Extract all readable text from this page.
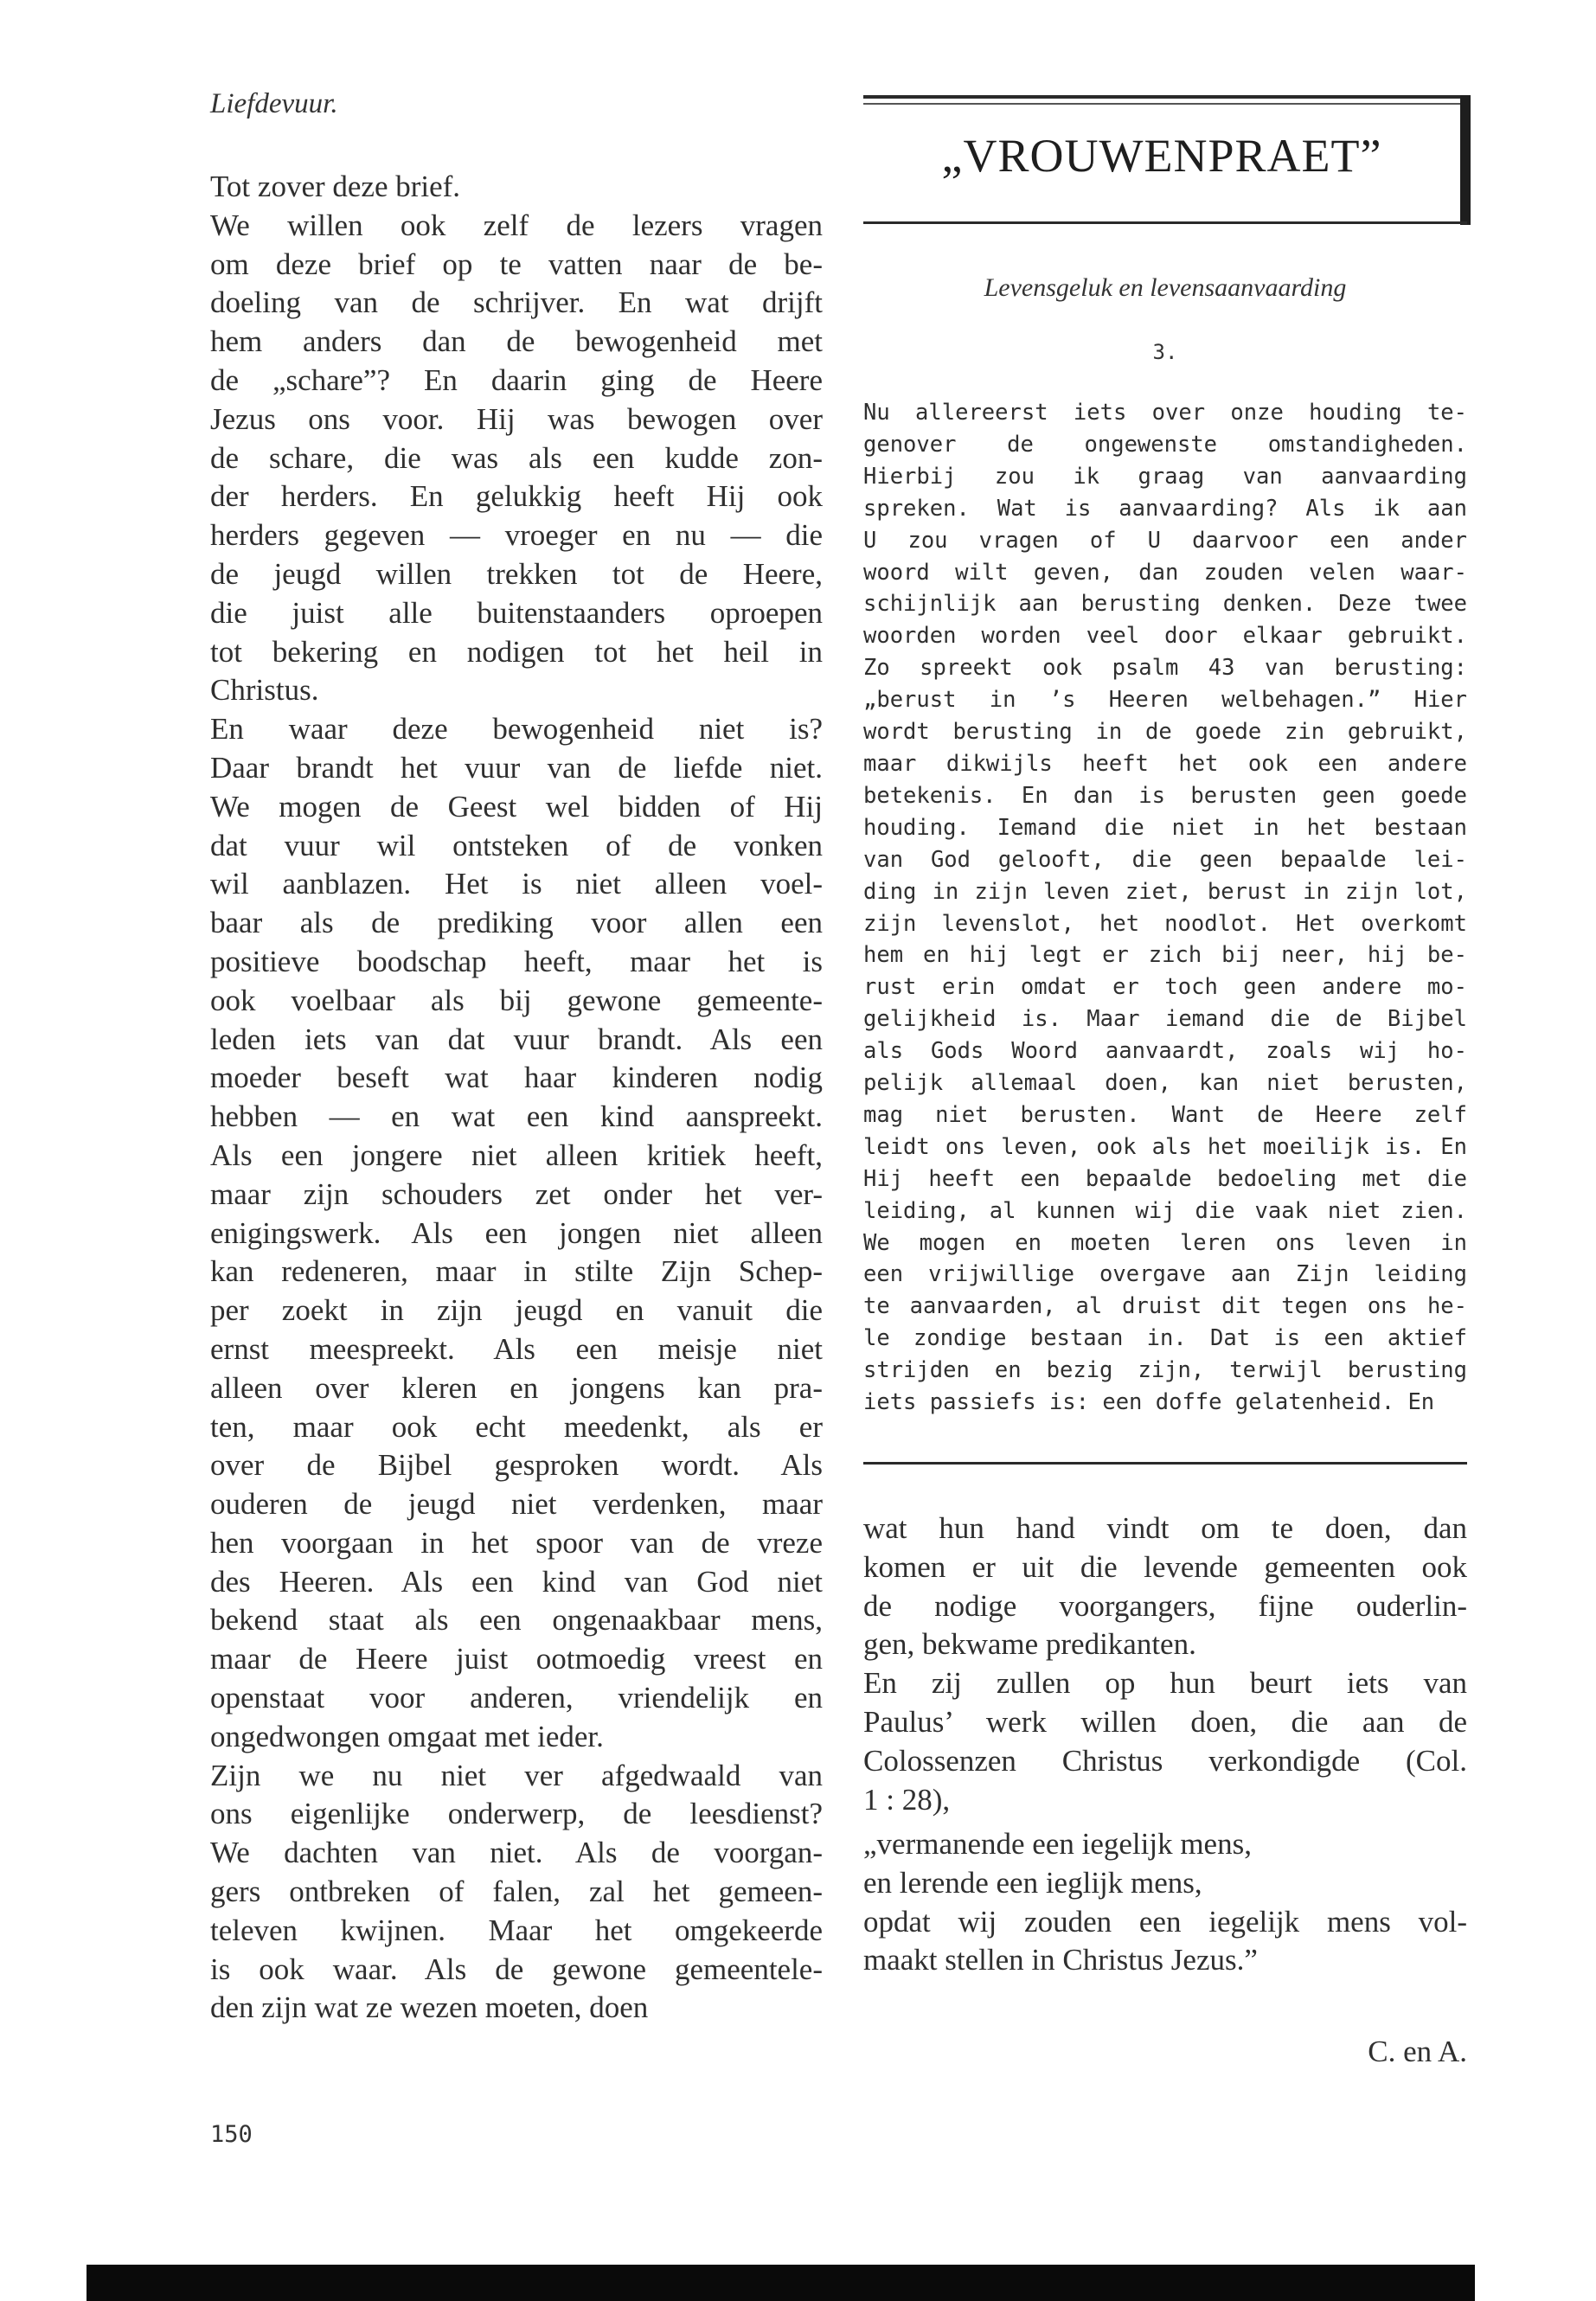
Liefdevuur.
Tot zover deze brief.
We willen ook zelf de lezers vragen
om deze brief op te vatten naar de be-
doeling van de schrijver. En wat drijft
hem anders dan de bewogenheid met
de „schare”? En daarin ging de Heere
Jezus ons voor. Hij was bewogen over
de schare, die was als een kudde zon-
der herders. En gelukkig heeft Hij ook
herders gegeven — vroeger en nu — die
de jeugd willen trekken tot de Heere,
die juist alle buitenstaanders oproepen
tot bekering en nodigen tot het heil in
Christus.
En waar deze bewogenheid niet is?
Daar brandt het vuur van de liefde niet.
We mogen de Geest wel bidden of Hij
dat vuur wil ontsteken of de vonken
wil aanblazen. Het is niet alleen voel-
baar als de prediking voor allen een
positieve boodschap heeft, maar het is
ook voelbaar als bij gewone gemeente-
leden iets van dat vuur brandt. Als een
moeder beseft wat haar kinderen nodig
hebben — en wat een kind aanspreekt.
Als een jongere niet alleen kritiek heeft,
maar zijn schouders zet onder het ver-
enigingswerk. Als een jongen niet alleen
kan redeneren, maar in stilte Zijn Schep-
per zoekt in zijn jeugd en vanuit die
ernst meespreekt. Als een meisje niet
alleen over kleren en jongens kan pra-
ten, maar ook echt meedenkt, als er
over de Bijbel gesproken wordt. Als
ouderen de jeugd niet verdenken, maar
hen voorgaan in het spoor van de vreze
des Heeren. Als een kind van God niet
bekend staat als een ongenaakbaar mens,
maar de Heere juist ootmoedig vreest en
openstaat voor anderen, vriendelijk en
ongedwongen omgaat met ieder.
Zijn we nu niet ver afgedwaald van
ons eigenlijke onderwerp, de leesdienst?
We dachten van niet. Als de voorgan-
gers ontbreken of falen, zal het gemeen-
televen kwijnen. Maar het omgekeerde
is ook waar. Als de gewone gemeentele-
den zijn wat ze wezen moeten, doen
„VROUWENPRAET”
Levensgeluk en levensaanvaarding
3.
Nu allereerst iets over onze houding te-
genover de ongewenste omstandigheden.
Hierbij zou ik graag van aanvaarding
spreken. Wat is aanvaarding? Als ik aan
U zou vragen of U daarvoor een ander
woord wilt geven, dan zouden velen waar-
schijnlijk aan berusting denken. Deze twee
woorden worden veel door elkaar gebruikt.
Zo spreekt ook psalm 43 van berusting:
„berust in ’s Heeren welbehagen.” Hier
wordt berusting in de goede zin gebruikt,
maar dikwijls heeft het ook een andere
betekenis. En dan is berusten geen goede
houding. Iemand die niet in het bestaan
van God gelooft, die geen bepaalde lei-
ding in zijn leven ziet, berust in zijn lot,
zijn levenslot, het noodlot. Het overkomt
hem en hij legt er zich bij neer, hij be-
rust erin omdat er toch geen andere mo-
gelijkheid is. Maar iemand die de Bijbel
als Gods Woord aanvaardt, zoals wij ho-
pelijk allemaal doen, kan niet berusten,
mag niet berusten. Want de Heere zelf
leidt ons leven, ook als het moeilijk is. En
Hij heeft een bepaalde bedoeling met die
leiding, al kunnen wij die vaak niet zien.
We mogen en moeten leren ons leven in
een vrijwillige overgave aan Zijn leiding
te aanvaarden, al druist dit tegen ons he-
le zondige bestaan in. Dat is een aktief
strijden en bezig zijn, terwijl berusting
iets passiefs is: een doffe gelatenheid. En
wat hun hand vindt om te doen, dan
komen er uit die levende gemeenten ook
de nodige voorgangers, fijne ouderlin-
gen, bekwame predikanten.
En zij zullen op hun beurt iets van
Paulus’ werk willen doen, die aan de
Colossenzen Christus verkondigde (Col.
1 : 28),
„vermanende een iegelijk mens,
en lerende een ieglijk mens,
opdat wij zouden een iegelijk mens vol-
maakt stellen in Christus Jezus.”
C. en A.
150
